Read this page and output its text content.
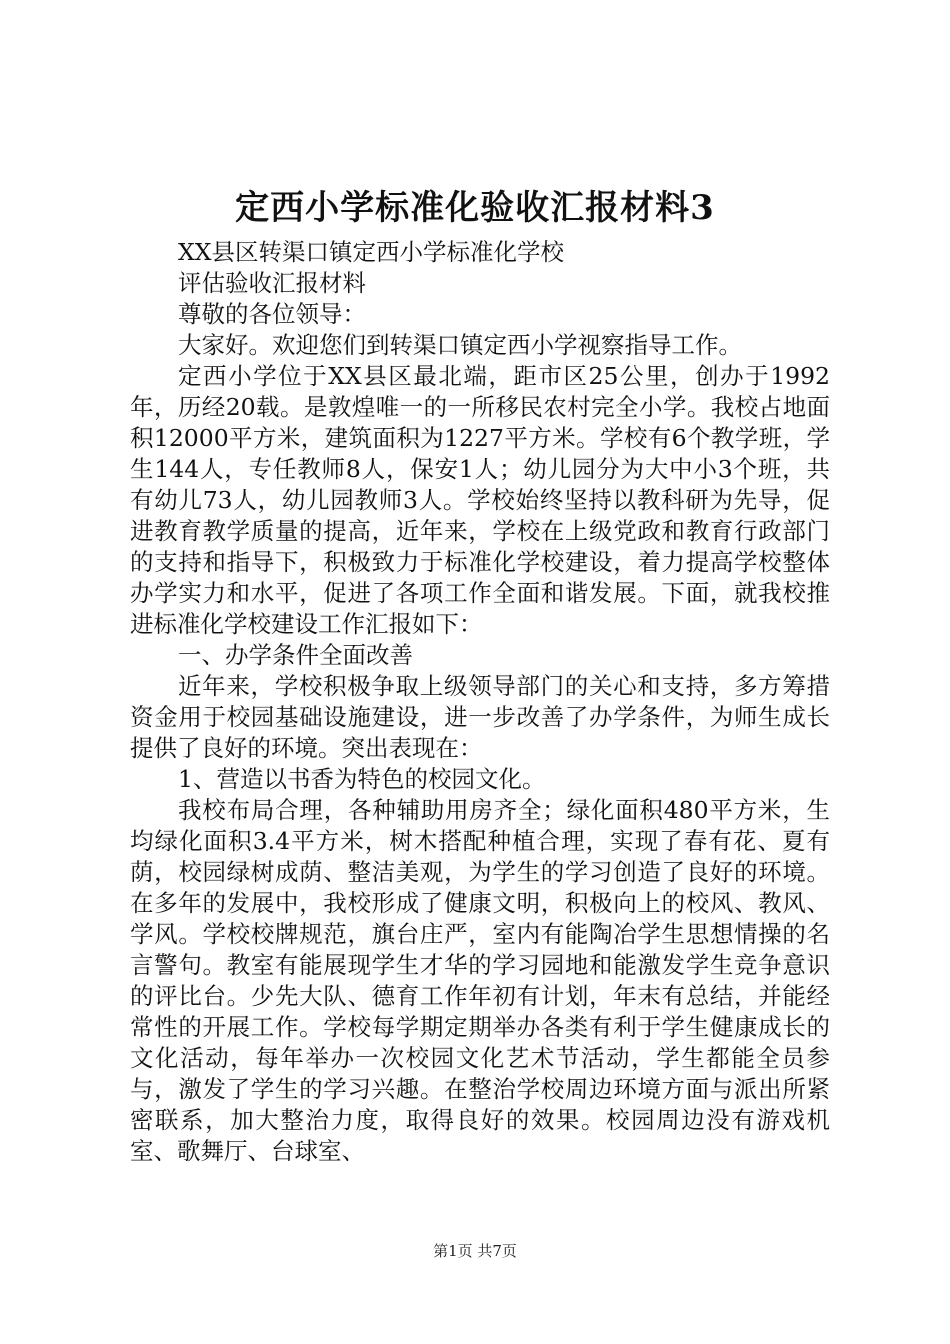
定西小学标准化验收汇报材料3

XX县区转渠口镇定西小学标准化学校

评估验收汇报材料

尊敬的各位领导：

大家好。欢迎您们到转渠口镇定西小学视察指导工作。

定西小学位于XX县区最北端，距市区25公里，创办于1992年，历经20载。是敦煌唯一的一所移民农村完全小学。我校占地面积12000平方米，建筑面积为1227平方米。学校有6个教学班，学生144人，专任教师8人，保安1人；幼儿园分为大中小3个班，共有幼儿73人，幼儿园教师3人。学校始终坚持以教科研为先导，促进教育教学质量的提高，近年来，学校在上级党政和教育行政部门的支持和指导下，积极致力于标准化学校建设，着力提高学校整体办学实力和水平，促进了各项工作全面和谐发展。下面，就我校推进标准化学校建设工作汇报如下：

一、办学条件全面改善

近年来，学校积极争取上级领导部门的关心和支持，多方筹措资金用于校园基础设施建设，进一步改善了办学条件，为师生成长提供了良好的环境。突出表现在：

1、营造以书香为特色的校园文化。

我校布局合理，各种辅助用房齐全；绿化面积480平方米，生均绿化面积3.4平方米，树木搭配种植合理，实现了春有花、夏有荫，校园绿树成荫、整洁美观，为学生的学习创造了良好的环境。在多年的发展中，我校形成了健康文明，积极向上的校风、教风、学风。学校校牌规范，旗台庄严，室内有能陶冶学生思想情操的名言警句。教室有能展现学生才华的学习园地和能激发学生竞争意识的评比台。少先大队、德育工作年初有计划，年末有总结，并能经常性的开展工作。学校每学期定期举办各类有利于学生健康成长的文化活动，每年举办一次校园文化艺术节活动，学生都能全员参与，激发了学生的学习兴趣。在整治学校周边环境方面与派出所紧密联系，加大整治力度，取得良好的效果。校园周边没有游戏机室、歌舞厅、台球室、

第1页 共7页
